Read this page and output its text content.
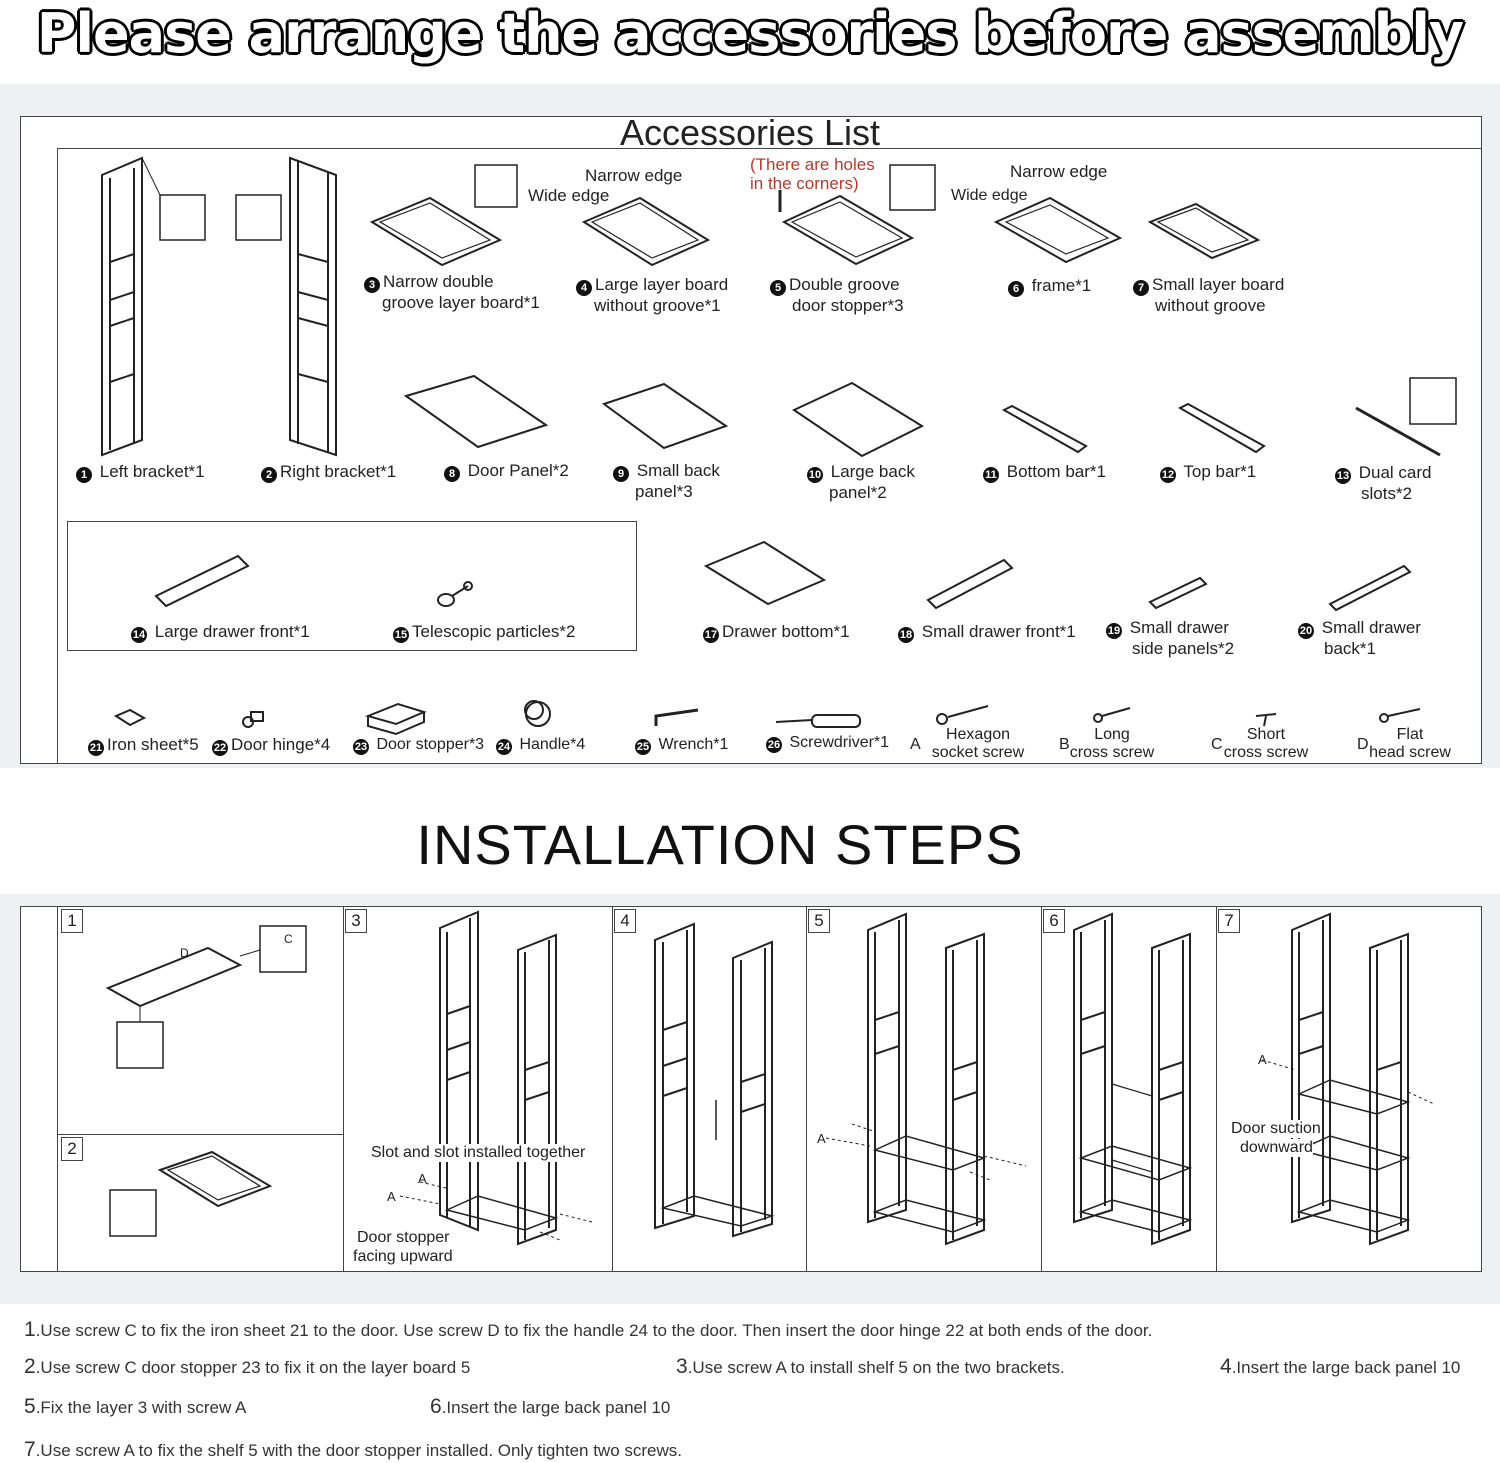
Please arrange the accessories before assembly
Accessories List
Narrow edge
Wide edge
(There are holes
in the corners)
Narrow edge
Wide edge
3 Narrow double
groove layer board*1
4 Large layer board
without groove*1
5 Double groove
door stopper*3
6 frame*1	7 Small layer board
without groove
1 Left bracket*1	2 Right bracket*1	8 Door Panel*2	9 Small back
panel*3
10 Large back
panel*2
11 Bottom bar*1	12 Top bar*1	13 Dual card
slots*2
14 Large drawer front*1	15 Telescopic particles*2	17 Drawer bottom*1	18 Small drawer front*1	19 Small drawer
side panels*2
20 Small drawer
back*1
21 Iron sheet*5 22 Door hinge*4 23 Door stopper*3 24 Handle*4	25 Wrench*1	26 Screwdriver*1 A
Hexagon
socket screw B
Long
cross screw	C
Short
cross screw	D
Flat
head screw
INSTALLATION STEPS
1
2
3	4	5	6	7
Slot and slot installed together
Door stopper
facing upward
Door suction
downward
A
A
A
A
D
C
1.Use screw C to fix the iron sheet 21 to the door. Use screw D to fix the handle 24 to the door. Then insert the door hinge 22 at both ends of the door.
2.Use screw C door stopper 23 to fix it on the layer board 5	3.Use screw A to install shelf 5 on the two brackets.	4.Insert the large back panel 10
5.Fix the layer 3 with screw A	6.Insert the large back panel 10
7.Use screw A to fix the shelf 5 with the door stopper installed. Only tighten two screws.
